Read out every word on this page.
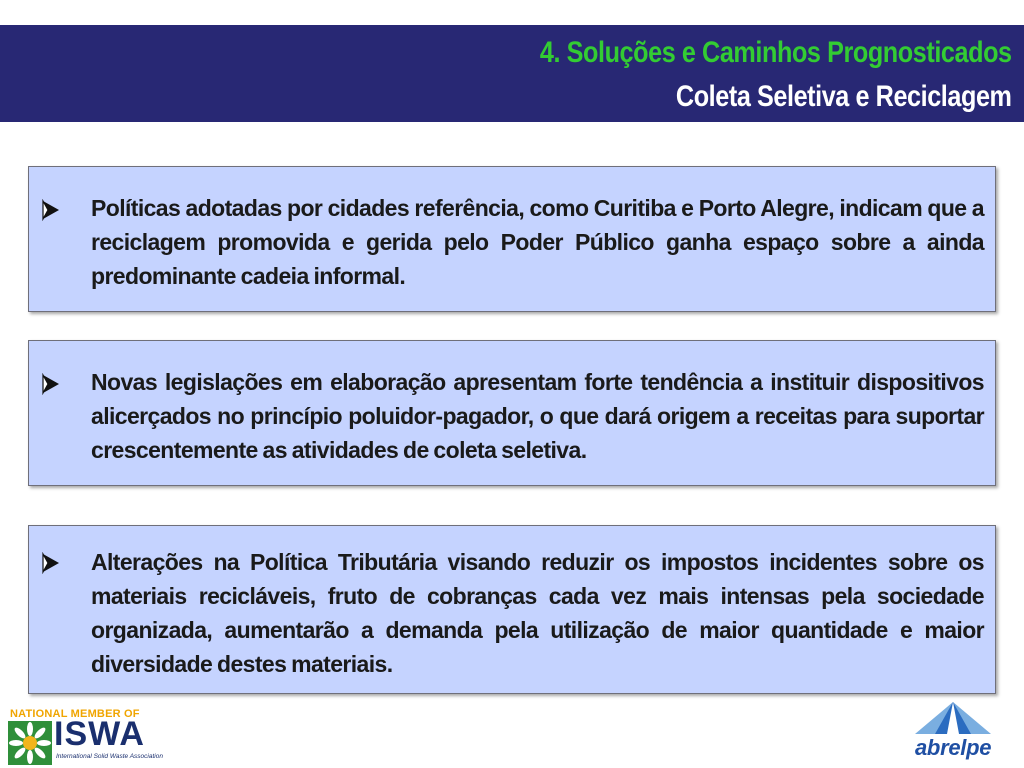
4. Soluções e Caminhos Prognosticados
Coleta Seletiva e Reciclagem
Políticas adotadas por cidades referência, como Curitiba e Porto Alegre, indicam que a reciclagem promovida e gerida pelo Poder Público ganha espaço sobre a ainda predominante cadeia informal.
Novas legislações em elaboração apresentam forte tendência a instituir dispositivos alicerçados no princípio poluidor-pagador, o que dará origem a receitas para suportar crescentemente as atividades de coleta seletiva.
Alterações na Política Tributária visando reduzir os impostos incidentes sobre os materiais recicláveis, fruto de cobranças cada vez mais intensas pela sociedade organizada, aumentarão a demanda pela utilização de maior quantidade e maior diversidade destes materiais.
NATIONAL MEMBER OF
ISWA
International Solid Waste Association	abrelpe
